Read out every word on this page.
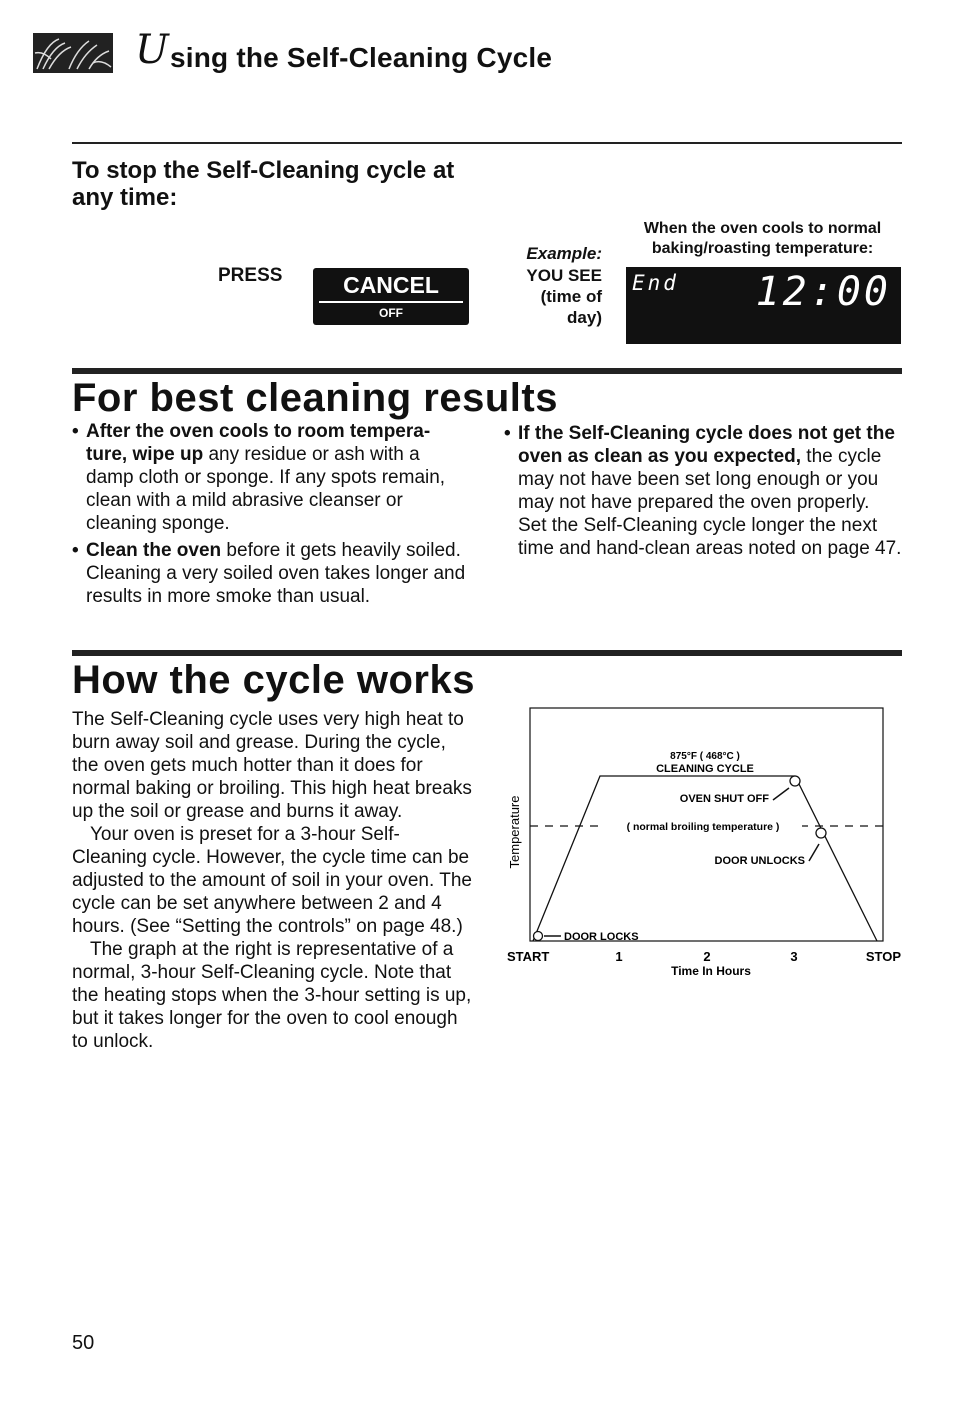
U sing the Self-Cleaning Cycle
To stop the Self-Cleaning cycle at any time:
PRESS	CANCEL
OFF
Example:
YOU SEE
(time of
day)
When the oven cools to normal baking/roasting temperature:
End 12:00
For best cleaning results
• After the oven cools to room tempera-ture, wipe up any residue or ash with a damp cloth or sponge. If any spots remain, clean with a mild abrasive cleanser or cleaning sponge.
• Clean the oven before it gets heavily soiled. Cleaning a very soiled oven takes longer and results in more smoke than usual.
• If the Self-Cleaning cycle does not get the oven as clean as you expected, the cycle may not have been set long enough or you may not have prepared the oven properly. Set the Self-Cleaning cycle longer the next time and hand-clean areas noted on page 47.
How the cycle works

The Self-Cleaning cycle uses very high heat to burn away soil and grease. During the cycle, the oven gets much hotter than it does for normal baking or broiling. This high heat breaks up the soil or grease and burns it away.

Your oven is preset for a 3-hour Self-Cleaning cycle. However, the cycle time can be adjusted to the amount of soil in your oven. The cycle can be set anywhere between 2 and 4 hours. (See “Setting the controls” on page 48.)

The graph at the right is representative of a normal, 3-hour Self-Cleaning cycle. Note that the heating stops when the 3-hour setting is up, but it takes longer for the oven to cool enough to unlock.

Temperature
875°F ( 468°C )
CLEANING CYCLE
OVEN SHUT OFF
( normal broiling temperature )
DOOR UNLOCKS
DOOR LOCKS
START	1	2	3	STOP
Time In Hours
50
